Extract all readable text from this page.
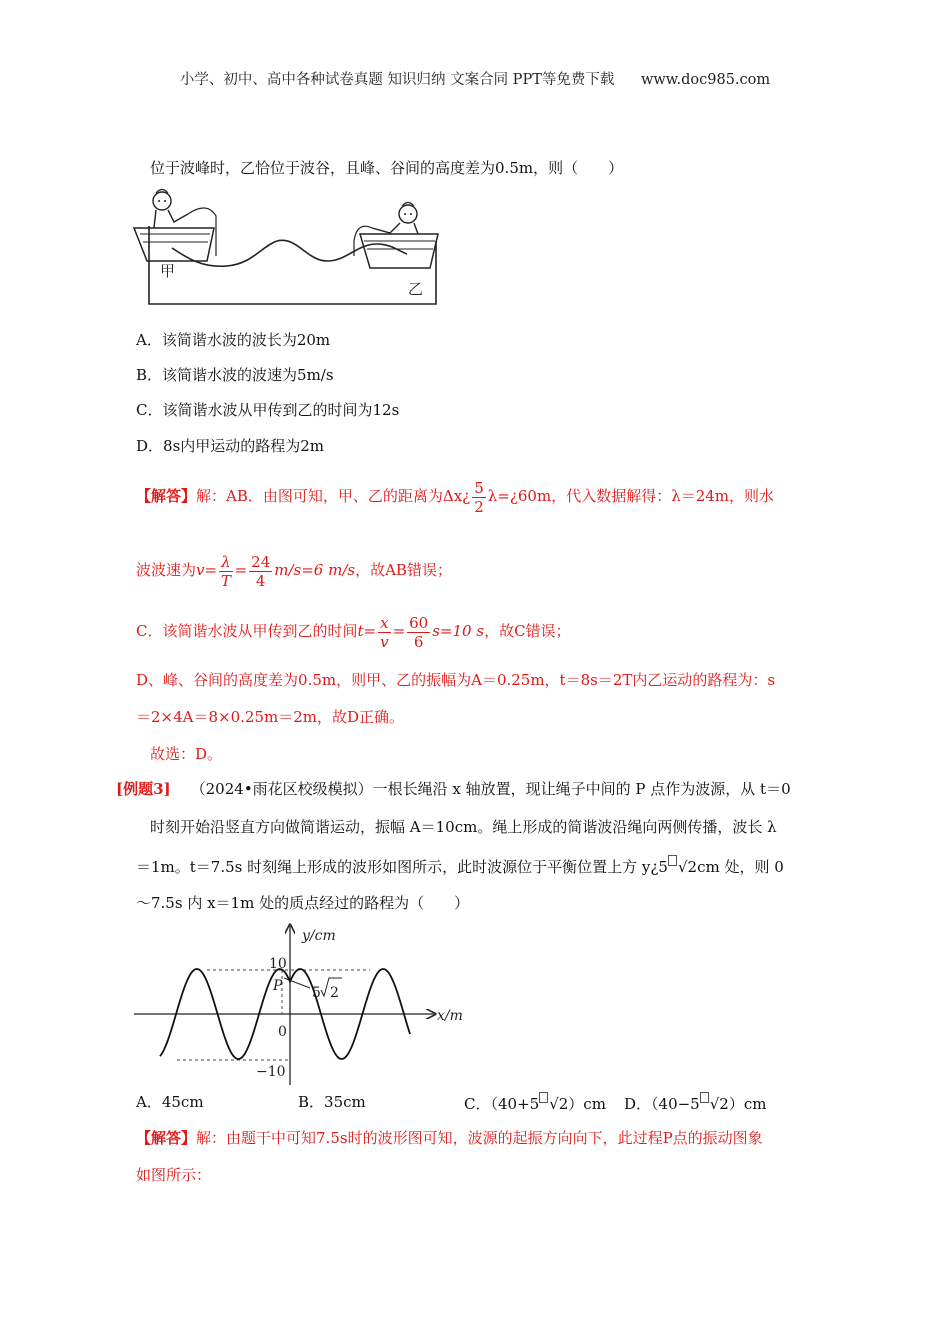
小学、初中、高中各种试卷真题 知识归纳 文案合同 PPT等免费下载 www.doc985.com
位于波峰时，乙恰位于波谷，且峰、谷间的高度差为0.5m，则（　　）
甲
乙
A．该简谐水波的波长为20m
B．该简谐水波的波速为5m/s
C．该简谐水波从甲传到乙的时间为12s
D．8s内甲运动的路程为2m
【解答】解：AB．由图可知，甲、乙的距离为Δx¿ $\frac{5}{2}$ λ=¿60m，代入数据解得：λ＝24m，则水
波波速为$v= \frac{\lambda}{T} = \frac{24}{4} m/s=6$ m/s，故AB错误；
C．该简谐水波从甲传到乙的时间$t= \frac{x}{v} = \frac{60}{6} s=10$ s，故C错误；
D、峰、谷间的高度差为0.5m，则甲、乙的振幅为A＝0.25m，t＝8s＝2T内乙运动的路程为：s
＝2×4A＝8×0.25m＝2m，故D正确。
故选：D。
[例题3] （2024•雨花区校级模拟）一根长绳沿 x 轴放置，现让绳子中间的 P 点作为波源，从 t＝0
时刻开始沿竖直方向做简谐运动，振幅 A＝10cm。绳上形成的简谐波沿绳向两侧传播，波长 λ
＝1m。t＝7.5s 时刻绳上形成的波形如图所示，此时波源位于平衡位置上方 y¿5 √2cm 处，则 0
～7.5s 内 x＝1m 处的质点经过的路程为（　　）
y/cm
x/m
10
−10
0
P 5 2
A．45cm	B．35cm	C．（40+5 √2）cm D．（40−5 √2）cm
【解答】解：由题干中可知7.5s时的波形图可知，波源的起振方向向下，此过程P点的振动图象
如图所示：
